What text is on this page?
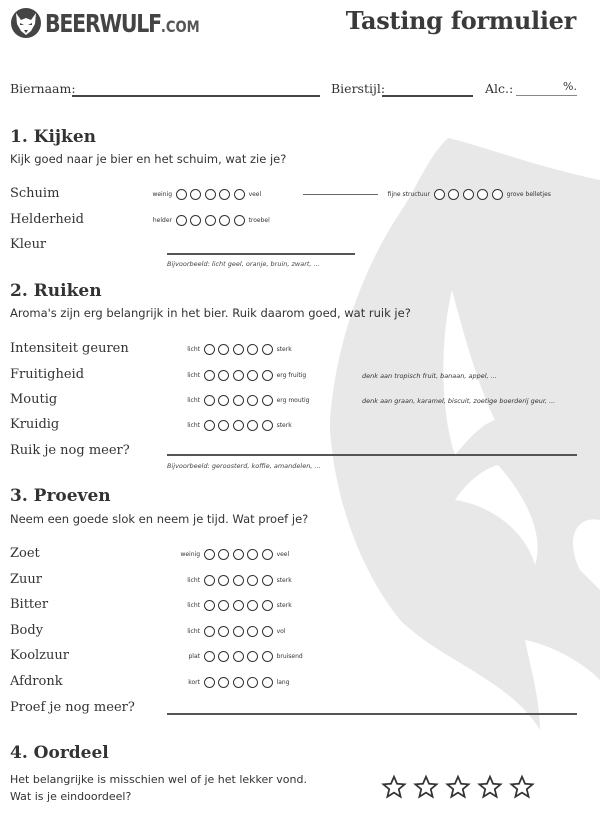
BEERWULF.COM	Tasting formulier
Biernaam:	Bierstijl:	Alc.:	%.
1. Kijken
Kijk goed naar je bier en het schuim, wat zie je?
Schuim	weinig	veel	fijne structuur	grove belletjes
Helderheid	helder	troebel
Kleur
Bijvoorbeeld: licht geel, oranje, bruin, zwart, ...
2. Ruiken
Aroma's zijn erg belangrijk in het bier. Ruik daarom goed, wat ruik je?
Intensiteit geuren	licht	sterk
Fruitigheid	licht	erg fruitig	denk aan tropisch fruit, banaan, appel, ...
Moutig	licht	erg moutig	denk aan graan, karamel, biscuit, zoetige boerderij geur, ...
Kruidig	licht	sterk
Ruik je nog meer?
Bijvoorbeeld: geroosterd, koffie, amandelen, ...
3. Proeven
Neem een goede slok en neem je tijd. Wat proef je?
Zoet	weinig	veel
Zuur	licht	sterk
Bitter	licht	sterk
Body	licht	vol
Koolzuur	plat	bruisend
Afdronk	kort	lang
Proef je nog meer?
4. Oordeel
Het belangrijke is misschien wel of je het lekker vond.
Wat is je eindoordeel?
